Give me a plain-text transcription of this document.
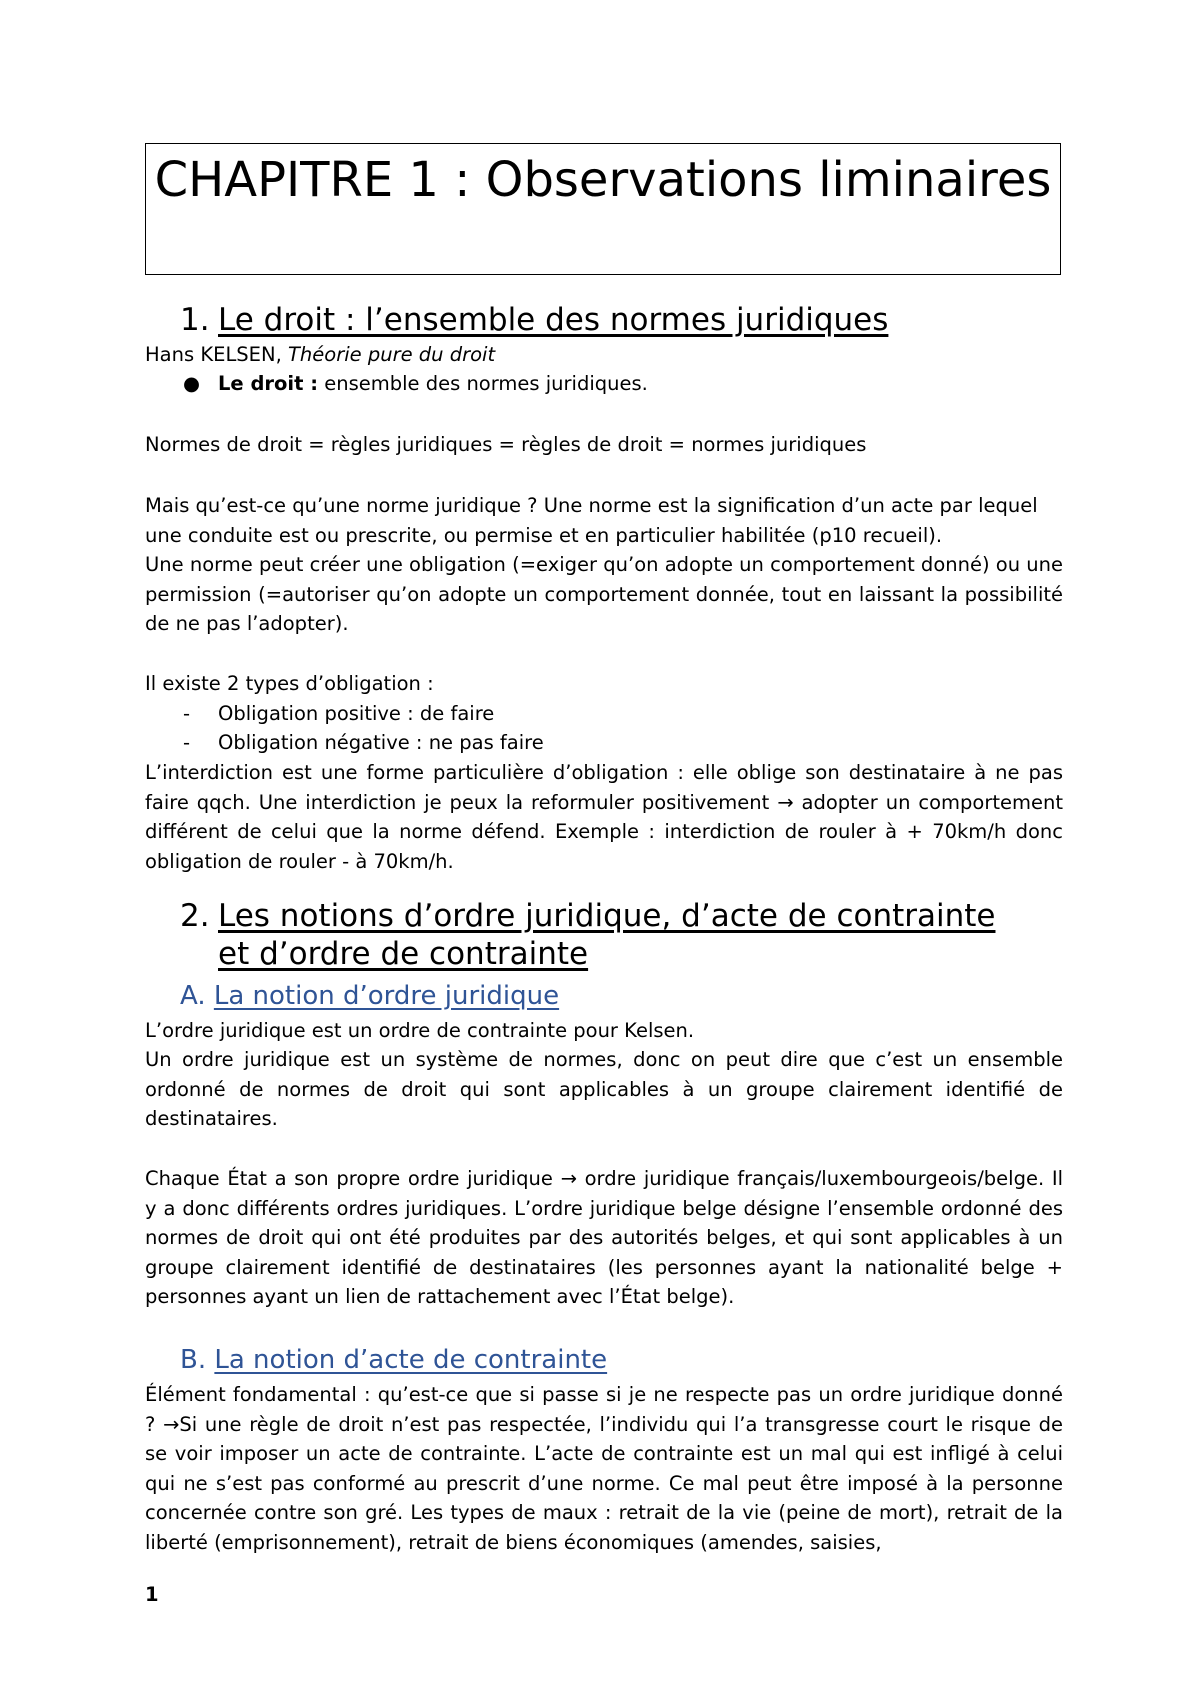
CHAPITRE 1 : Observations liminaires
1. Le droit : l’ensemble des normes juridiques
Hans KELSEN, Théorie pure du droit
● Le droit : ensemble des normes juridiques.
Normes de droit = règles juridiques = règles de droit = normes juridiques
Mais qu’est-ce qu’une norme juridique ? Une norme est la signification d’un acte par lequel une conduite est ou prescrite, ou permise et en particulier habilitée (p10 recueil).
Une norme peut créer une obligation (=exiger qu’on adopte un comportement donné) ou une permission (=autoriser qu’on adopte un comportement donnée, tout en laissant la possibilité de ne pas l’adopter).
Il existe 2 types d’obligation :
- Obligation positive : de faire
- Obligation négative : ne pas faire
L’interdiction est une forme particulière d’obligation : elle oblige son destinataire à ne pas faire qqch. Une interdiction je peux la reformuler positivement → adopter un comportement différent de celui que la norme défend. Exemple : interdiction de rouler à + 70km/h donc obligation de rouler - à 70km/h.
2. Les notions d’ordre juridique, d’acte de contrainte
et d’ordre de contrainte
A. La notion d’ordre juridique
L’ordre juridique est un ordre de contrainte pour Kelsen.
Un ordre juridique est un système de normes, donc on peut dire que c’est un ensemble ordonné de normes de droit qui sont applicables à un groupe clairement identifié de destinataires.
Chaque État a son propre ordre juridique → ordre juridique français/luxembourgeois/belge. Il y a donc différents ordres juridiques. L’ordre juridique belge désigne l’ensemble ordonné des normes de droit qui ont été produites par des autorités belges, et qui sont applicables à un groupe clairement identifié de destinataires (les personnes ayant la nationalité belge + personnes ayant un lien de rattachement avec l’État belge).
B. La notion d’acte de contrainte
Élément fondamental : qu’est-ce que si passe si je ne respecte pas un ordre juridique donné ? →Si une règle de droit n’est pas respectée, l’individu qui l’a transgresse court le risque de se voir imposer un acte de contrainte. L’acte de contrainte est un mal qui est infligé à celui qui ne s’est pas conformé au prescrit d’une norme. Ce mal peut être imposé à la personne concernée contre son gré. Les types de maux : retrait de la vie (peine de mort), retrait de la liberté (emprisonnement), retrait de biens économiques (amendes, saisies,
1
